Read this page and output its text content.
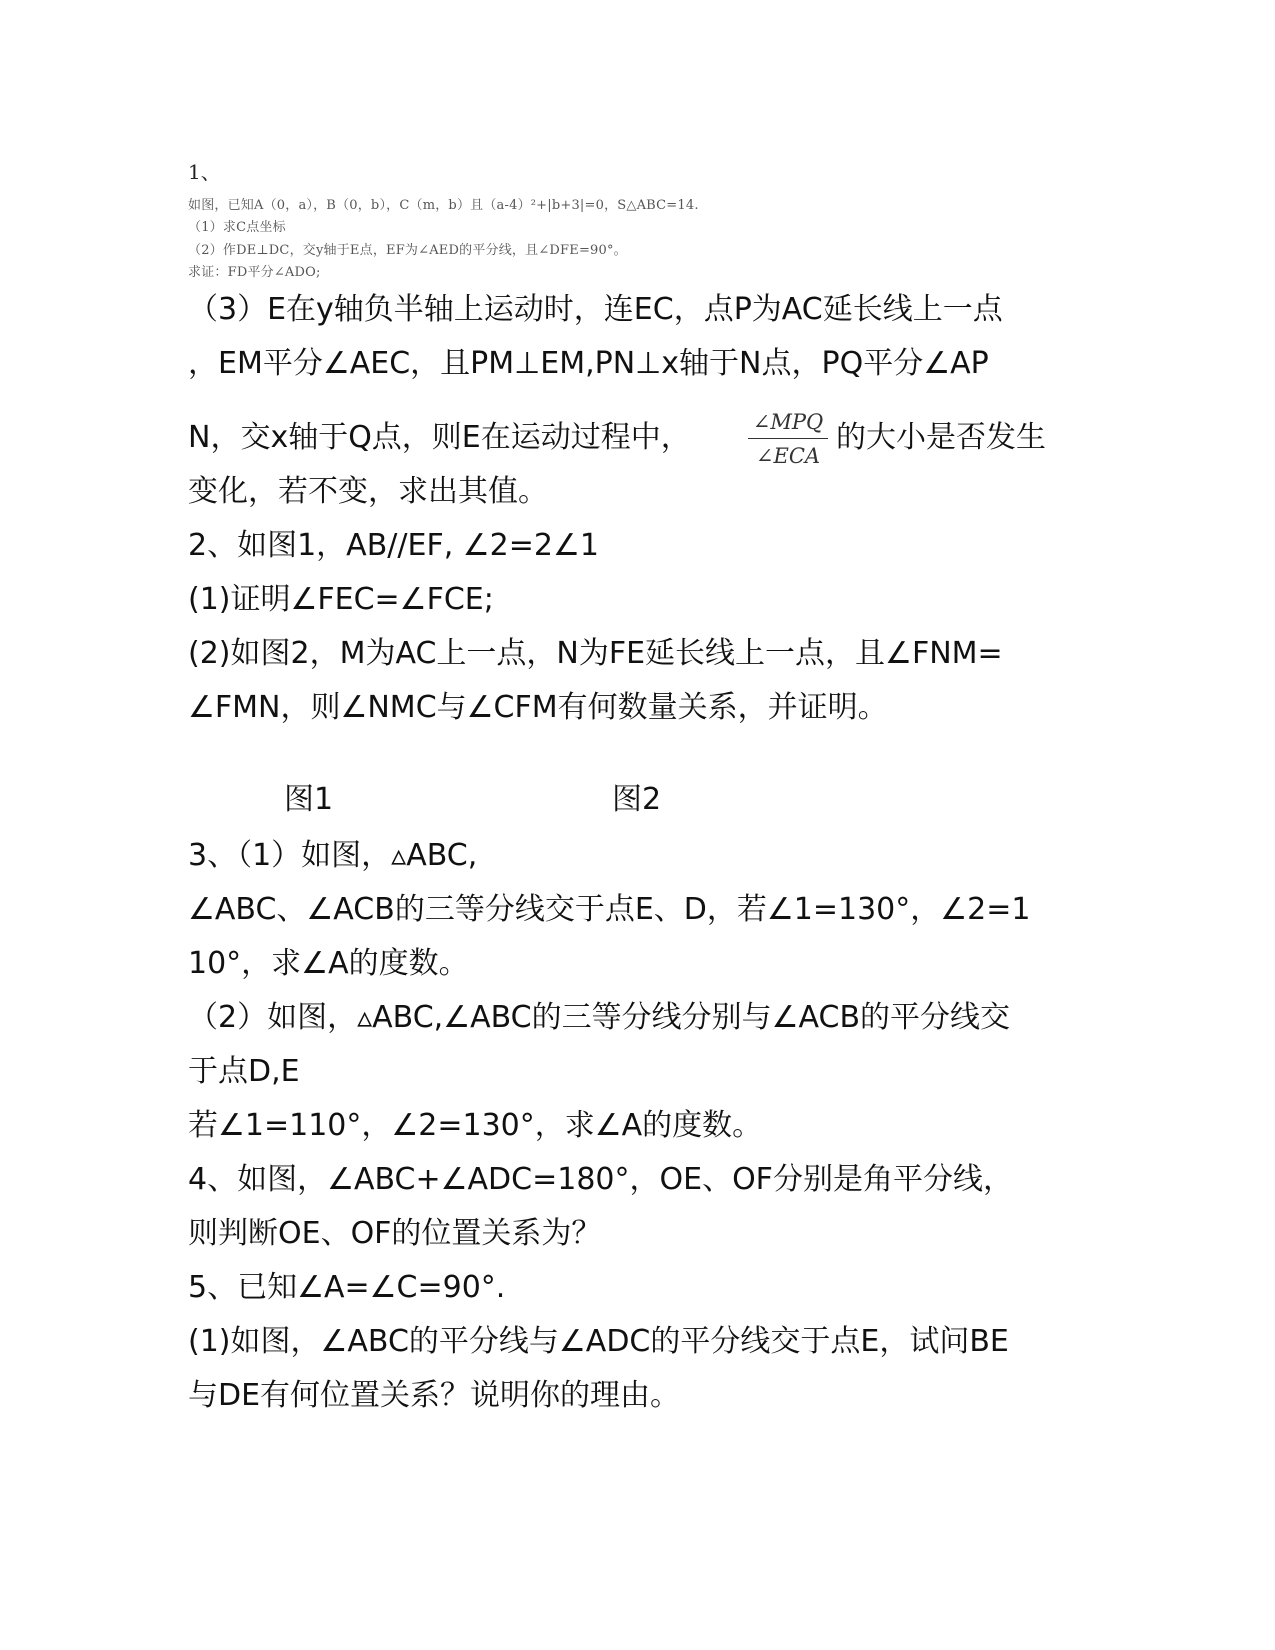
1、
如图，已知A（0，a），B（0，b），C（m，b）且（a-4）²+|b+3|=0，S△ABC=14.
（1）求C点坐标
（2）作DE⊥DC，交y轴于E点，EF为∠AED的平分线，且∠DFE=90°。
求证：FD平分∠ADO;
（3）E在y轴负半轴上运动时，连EC，点P为AC延长线上一点
，EM平分∠AEC，且PM⊥EM,PN⊥x轴于N点，PQ平分∠AP
N，交x轴于Q点，则E在运动过程中，	∠MPQ
∠ECA
的大小是否发生
变化，若不变，求出其值。
2、如图1，AB//EF, ∠2=2∠1
(1)证明∠FEC=∠FCE;
(2)如图2，M为AC上一点，N为FE延长线上一点，且∠FNM=
∠FMN，则∠NMC与∠CFM有何数量关系，并证明。
图1	图2
3、（1）如图，▵ABC,
∠ABC、∠ACB的三等分线交于点E、D，若∠1=130°，∠2=1
10°，求∠A的度数。
（2）如图，▵ABC,∠ABC的三等分线分别与∠ACB的平分线交
于点D,E
若∠1=110°，∠2=130°，求∠A的度数。
4、如图，∠ABC+∠ADC=180°，OE、OF分别是角平分线，
则判断OE、OF的位置关系为？
5、已知∠A=∠C=90°.
(1)如图，∠ABC的平分线与∠ADC的平分线交于点E，试问BE
与DE有何位置关系？说明你的理由。
